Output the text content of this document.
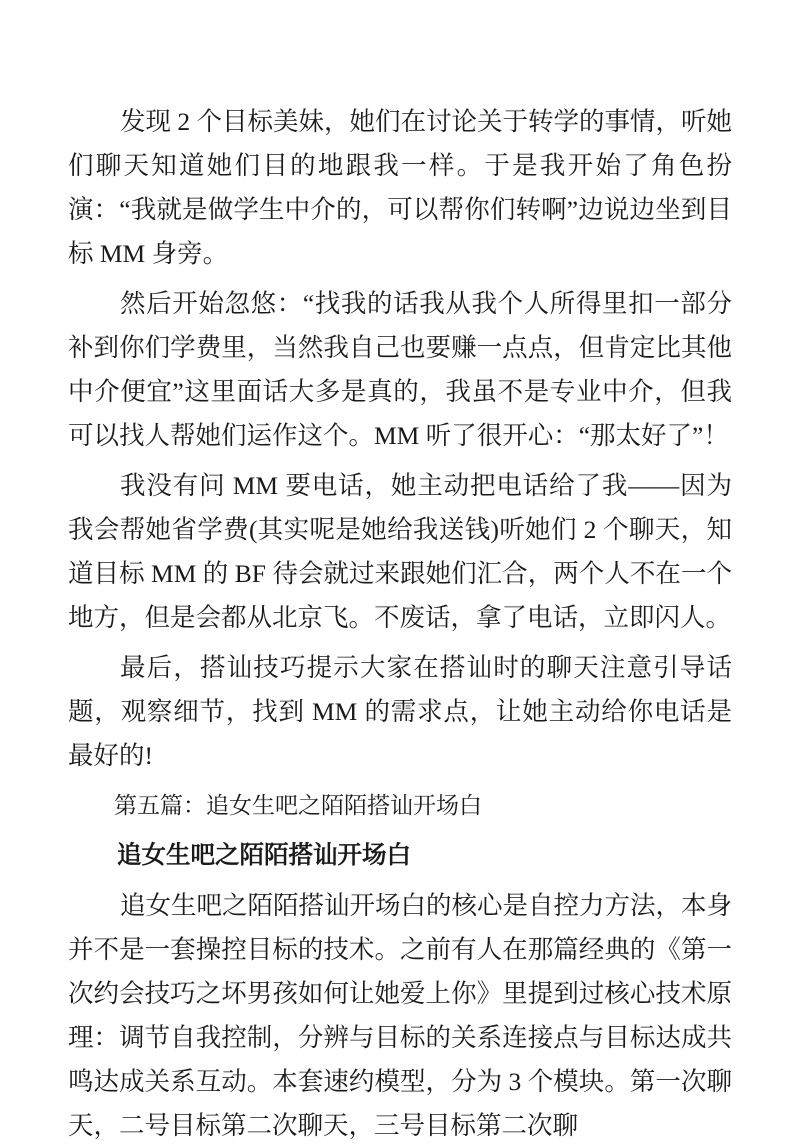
发现 2 个目标美妹，她们在讨论关于转学的事情，听她们聊天知道她们目的地跟我一样。于是我开始了角色扮演：“我就是做学生中介的，可以帮你们转啊”边说边坐到目标 MM 身旁。

然后开始忽悠：“找我的话我从我个人所得里扣一部分补到你们学费里，当然我自己也要赚一点点，但肯定比其他中介便宜”这里面话大多是真的，我虽不是专业中介，但我可以找人帮她们运作这个。MM 听了很开心：“那太好了”！

我没有问 MM 要电话，她主动把电话给了我——因为我会帮她省学费(其实呢是她给我送钱)听她们 2 个聊天，知道目标 MM 的 BF 待会就过来跟她们汇合，两个人不在一个地方，但是会都从北京飞。不废话，拿了电话，立即闪人。

最后，搭讪技巧提示大家在搭讪时的聊天注意引导话题，观察细节，找到 MM 的需求点，让她主动给你电话是最好的!

第五篇：追女生吧之陌陌搭讪开场白

追女生吧之陌陌搭讪开场白

追女生吧之陌陌搭讪开场白的核心是自控力方法，本身并不是一套操控目标的技术。之前有人在那篇经典的《第一次约会技巧之坏男孩如何让她爱上你》里提到过核心技术原理：调节自我控制，分辨与目标的关系连接点与目标达成共鸣达成关系互动。本套速约模型，分为 3 个模块。第一次聊天，二号目标第二次聊天，三号目标第二次聊
